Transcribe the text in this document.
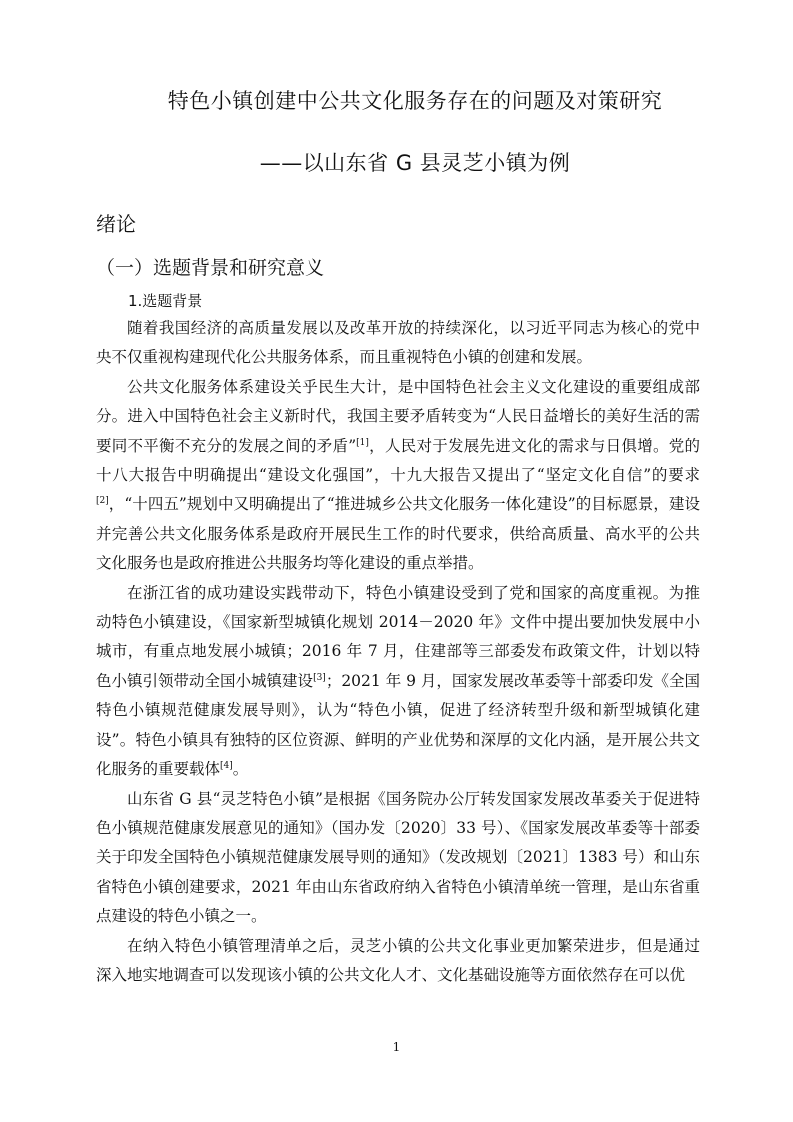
特色小镇创建中公共文化服务存在的问题及对策研究
——以山东省 G 县灵芝小镇为例
绪论
（一）选题背景和研究意义
1.选题背景

随着我国经济的高质量发展以及改革开放的持续深化，以习近平同志为核心的党中央不仅重视构建现代化公共服务体系，而且重视特色小镇的创建和发展。

公共文化服务体系建设关乎民生大计，是中国特色社会主义文化建设的重要组成部分。进入中国特色社会主义新时代，我国主要矛盾转变为“人民日益增长的美好生活的需要同不平衡不充分的发展之间的矛盾”[1]，人民对于发展先进文化的需求与日俱增。党的十八大报告中明确提出“建设文化强国”，十九大报告又提出了“坚定文化自信”的要求[2]，“十四五”规划中又明确提出了“推进城乡公共文化服务一体化建设”的目标愿景，建设并完善公共文化服务体系是政府开展民生工作的时代要求，供给高质量、高水平的公共文化服务也是政府推进公共服务均等化建设的重点举措。

在浙江省的成功建设实践带动下，特色小镇建设受到了党和国家的高度重视。为推动特色小镇建设，《国家新型城镇化规划 2014－2020 年》文件中提出要加快发展中小城市，有重点地发展小城镇；2016 年 7 月，住建部等三部委发布政策文件，计划以特色小镇引领带动全国小城镇建设[3]；2021 年 9 月，国家发展改革委等十部委印发《全国特色小镇规范健康发展导则》，认为“特色小镇，促进了经济转型升级和新型城镇化建设”。特色小镇具有独特的区位资源、鲜明的产业优势和深厚的文化内涵，是开展公共文化服务的重要载体[4]。

山东省 G 县“灵芝特色小镇”是根据《国务院办公厅转发国家发展改革委关于促进特色小镇规范健康发展意见的通知》（国办发〔2020〕33 号）、《国家发展改革委等十部委关于印发全国特色小镇规范健康发展导则的通知》（发改规划〔2021〕1383 号）和山东省特色小镇创建要求，2021 年由山东省政府纳入省特色小镇清单统一管理，是山东省重点建设的特色小镇之一。

在纳入特色小镇管理清单之后，灵芝小镇的公共文化事业更加繁荣进步，但是通过深入地实地调查可以发现该小镇的公共文化人才、文化基础设施等方面依然存在可以优

1
